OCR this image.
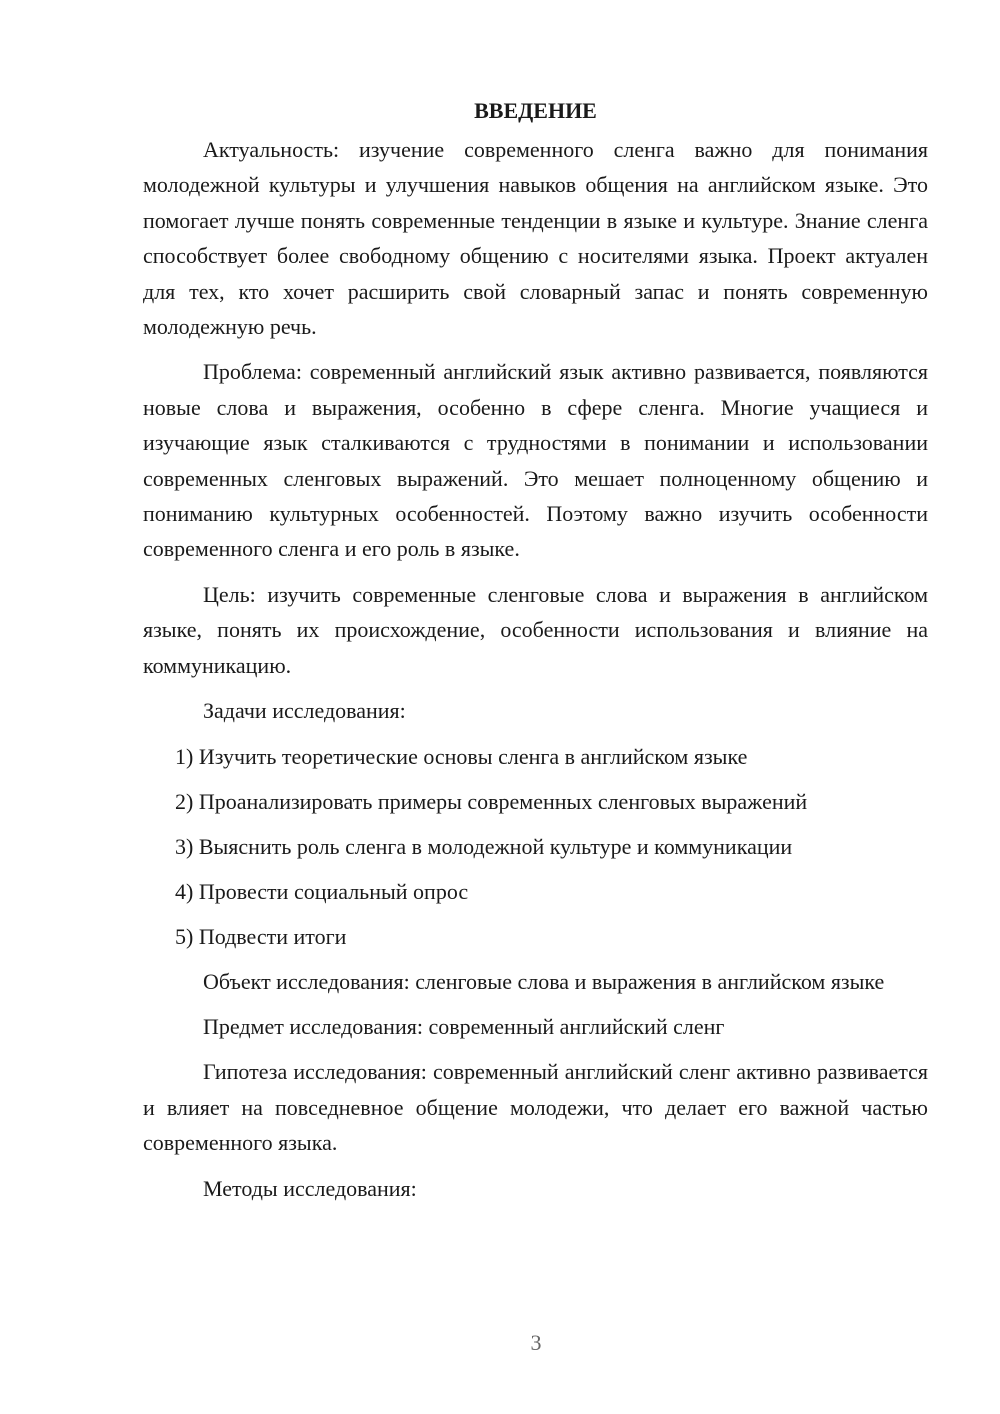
ВВЕДЕНИЕ

Актуальность: изучение современного сленга важно для понимания молодежной культуры и улучшения навыков общения на английском языке. Это помогает лучше понять современные тенденции в языке и культуре. Знание сленга способствует более свободному общению с носителями языка. Проект актуален для тех, кто хочет расширить свой словарный запас и понять современную молодежную речь.

Проблема: современный английский язык активно развивается, появляются новые слова и выражения, особенно в сфере сленга. Многие учащиеся и изучающие язык сталкиваются с трудностями в понимании и использовании современных сленговых выражений. Это мешает полноценному общению и пониманию культурных особенностей. Поэтому важно изучить особенности современного сленга и его роль в языке.

Цель: изучить современные сленговые слова и выражения в английском языке, понять их происхождение, особенности использования и влияние на коммуникацию.

Задачи исследования:

1) Изучить теоретические основы сленга в английском языке
2) Проанализировать примеры современных сленговых выражений
3) Выяснить роль сленга в молодежной культуре и коммуникации
4) Провести социальный опрос
5) Подвести итоги

Объект исследования: сленговые слова и выражения в английском языке

Предмет исследования: современный английский сленг

Гипотеза исследования: современный английский сленг активно развивается и влияет на повседневное общение молодежи, что делает его важной частью современного языка.

Методы исследования:

3
